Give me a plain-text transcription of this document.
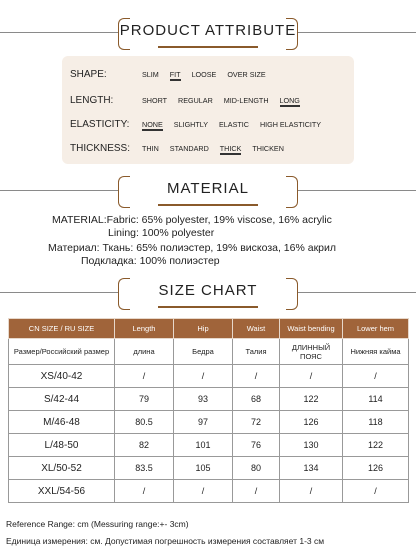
PRODUCT ATTRIBUTE
SHAPE:	SLIM FIT LOOSE OVER SIZE
LENGTH:	SHORT REGULAR MID-LENGTH LONG
ELASTICITY:	NONE SLIGHTLY ELASTIC HIGH ELASTICITY
THICKNESS:	THIN STANDARD THICK THICKEN
MATERIAL
MATERIAL:Fabric: 65% polyester, 19% viscose, 16% acrylic
Lining: 100% polyester
Материал: Ткань: 65% полиэстер, 19% вискоза, 16% акрил
Подкладка: 100% полиэстер
SIZE CHART
CN SIZE / RU SIZE	Length	Hip	Waist	Waist bending	Lower hem
Размер/Российский размер	длина	Бедра	Талия	ДЛИННЫЙ ПОЯС	Нижняя кайма
XS/40-42	/	/	/	/	/
S/42-44	79	93	68	122	114
M/46-48	80.5	97	72	126	118
L/48-50	82	101	76	130	122
XL/50-52	83.5	105	80	134	126
XXL/54-56	/	/	/	/	/
Reference Range: cm (Messuring range:+- 3cm)
Единица измерения: см. Допустимая погрешность измерения составляет 1-3 см
